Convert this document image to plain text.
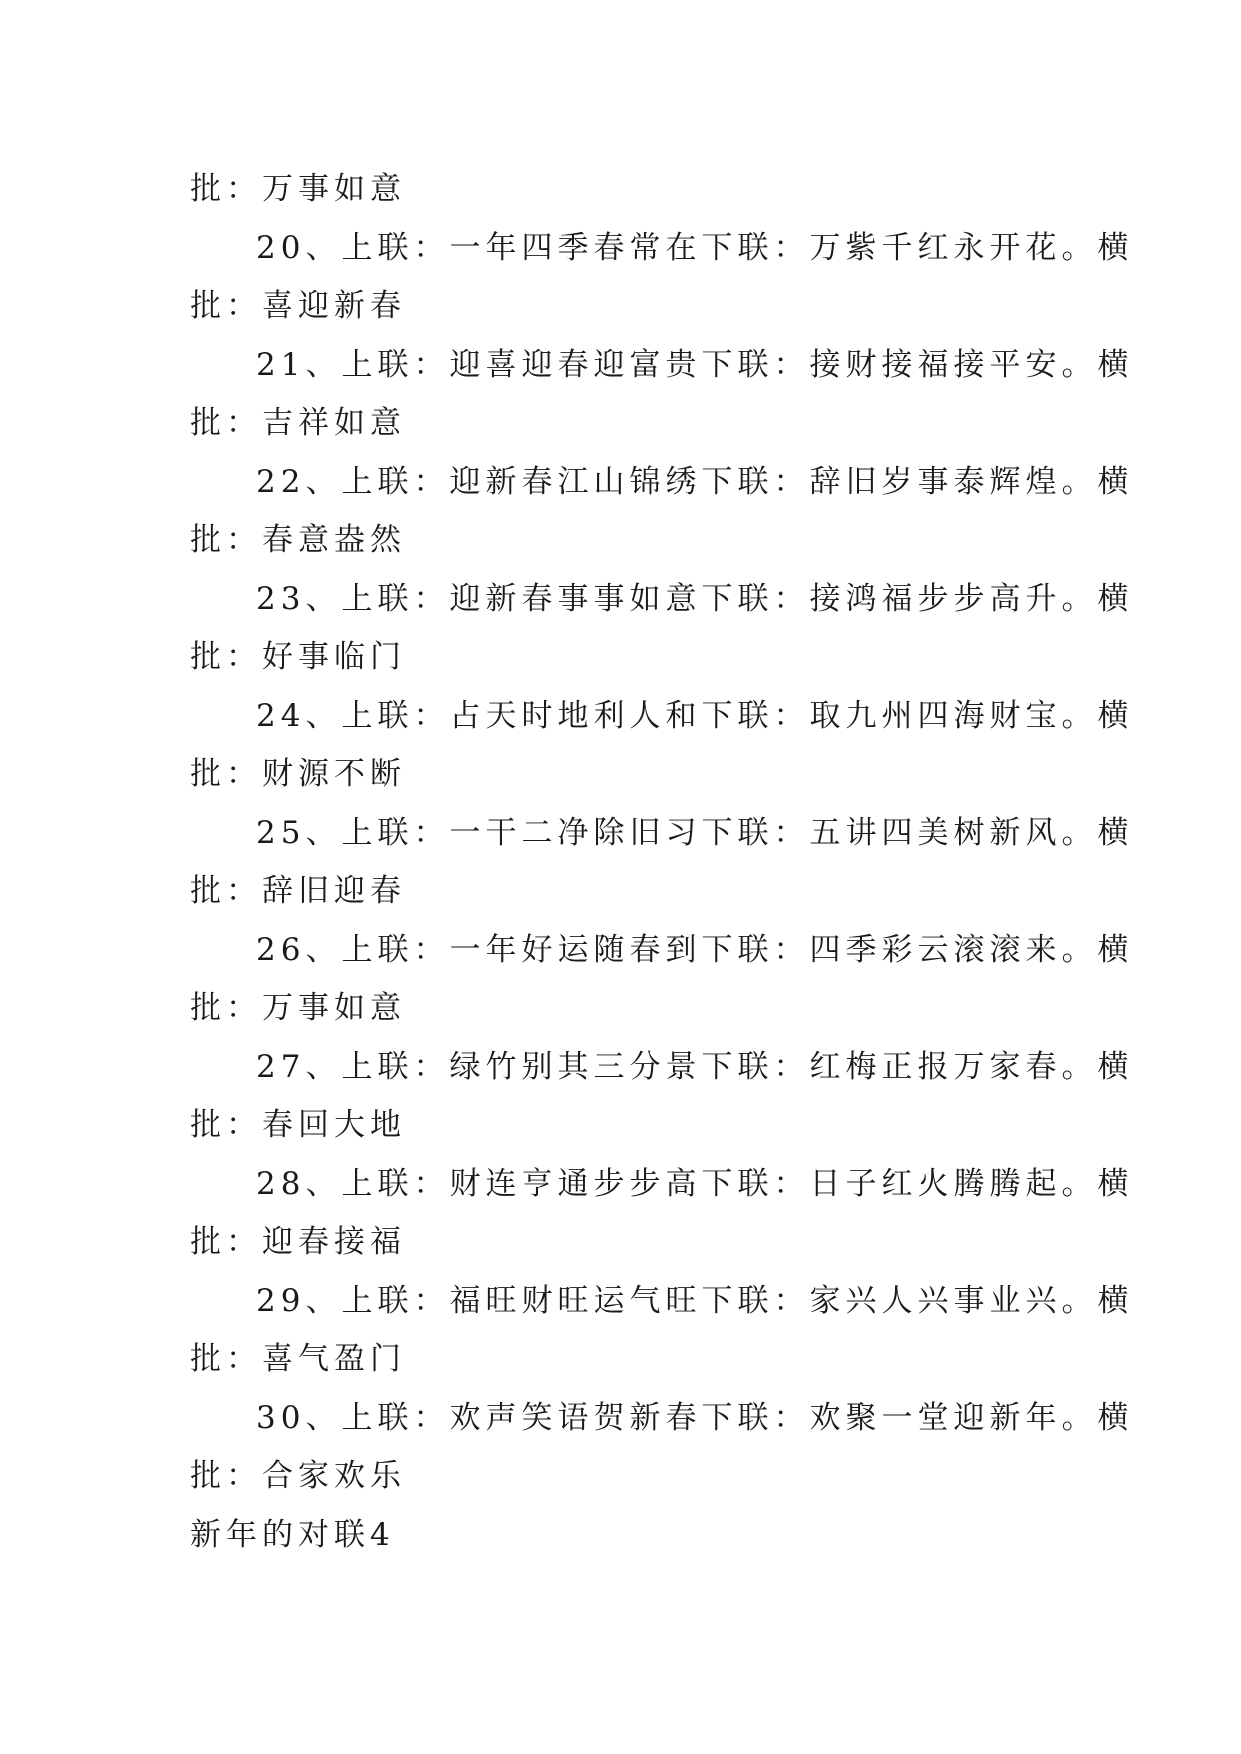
批：万事如意
20、上联：一年四季春常在下联：万紫千红永开花。横
批：喜迎新春
21、上联：迎喜迎春迎富贵下联：接财接福接平安。横
批：吉祥如意
22、上联：迎新春江山锦绣下联：辞旧岁事泰辉煌。横
批：春意盎然
23、上联：迎新春事事如意下联：接鸿福步步高升。横
批：好事临门
24、上联：占天时地利人和下联：取九州四海财宝。横
批：财源不断
25、上联：一干二净除旧习下联：五讲四美树新风。横
批：辞旧迎春
26、上联：一年好运随春到下联：四季彩云滚滚来。横
批：万事如意
27、上联：绿竹别其三分景下联：红梅正报万家春。横
批：春回大地
28、上联：财连亨通步步高下联：日子红火腾腾起。横
批：迎春接福
29、上联：福旺财旺运气旺下联：家兴人兴事业兴。横
批：喜气盈门
30、上联：欢声笑语贺新春下联：欢聚一堂迎新年。横
批：合家欢乐
新年的对联4
